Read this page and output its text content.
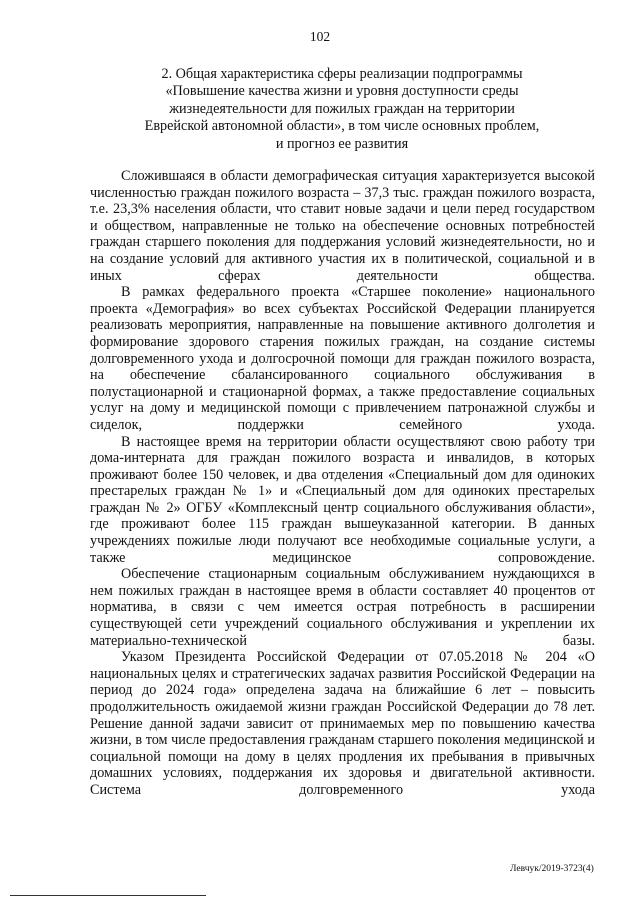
102
2. Общая характеристика сферы реализации подпрограммы
«Повышение качества жизни и уровня доступности среды
жизнедеятельности для пожилых граждан на территории
Еврейской автономной области», в том числе основных проблем,
и прогноз ее развития

Сложившаяся в области демографическая ситуация характеризуется высокой численностью граждан пожилого возраста – 37,3 тыс. граждан пожилого возраста, т.е. 23,3% населения области, что ставит новые задачи и цели перед государством и обществом, направленные не только на обеспечение основных потребностей граждан старшего поколения для поддержания условий жизнедеятельности, но и на создание условий для активного участия их в политической, социальной и в иных сферах деятельности общества.

В рамках федерального проекта «Старшее поколение» национального проекта «Демография» во всех субъектах Российской Федерации планируется реализовать мероприятия, направленные на повышение активного долголетия и формирование здорового старения пожилых граждан, на создание системы долговременного ухода и долгосрочной помощи для граждан пожилого возраста, на обеспечение сбалансированного социального обслуживания в полустационарной и стационарной формах, а также предоставление социальных услуг на дому и медицинской помощи с привлечением патронажной службы и сиделок, поддержки семейного ухода.

В настоящее время на территории области осуществляют свою работу три дома-интерната для граждан пожилого возраста и инвалидов, в которых проживают более 150 человек, и два отделения «Специальный дом для одиноких престарелых граждан № 1» и «Специальный дом для одиноких престарелых граждан № 2» ОГБУ «Комплексный центр социального обслуживания области», где проживают более 115 граждан вышеуказанной категории. В данных учреждениях пожилые люди получают все необходимые социальные услуги, а также медицинское сопровождение.

Обеспечение стационарным социальным обслуживанием нуждающихся в нем пожилых граждан в настоящее время в области составляет 40 процентов от норматива, в связи с чем имеется острая потребность в расширении существующей сети учреждений социального обслуживания и укреплении их материально-технической базы.

Указом Президента Российской Федерации от 07.05.2018 № 204 «О национальных целях и стратегических задачах развития Российской Федерации на период до 2024 года» определена задача на ближайшие 6 лет – повысить продолжительность ожидаемой жизни граждан Российской Федерации до 78 лет. Решение данной задачи зависит от принимаемых мер по повышению качества жизни, в том числе предоставления гражданам старшего поколения медицинской и социальной помощи на дому в целях продления их пребывания в привычных домашних условиях, поддержания их здоровья и двигательной активности. Система долговременного ухода

Левчук/2019-3723(4)
